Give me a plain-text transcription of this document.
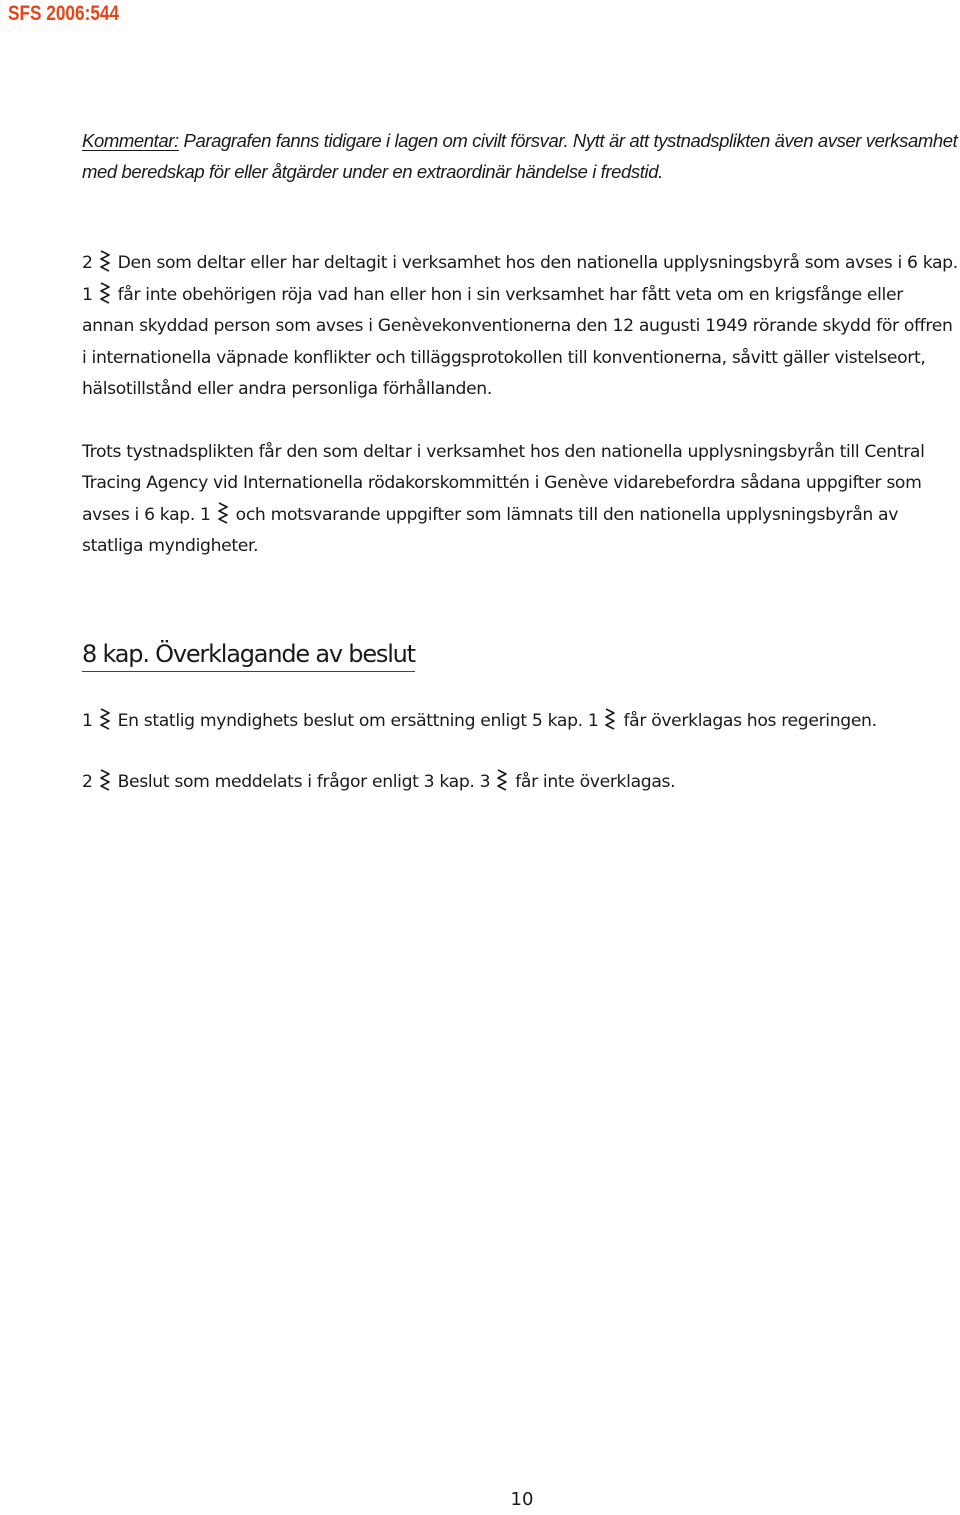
SFS 2006:544

Kommentar: Paragrafen fanns tidigare i lagen om civilt försvar. Nytt är att tystnadsplikten även avser verksamhet med beredskap för eller åtgärder under en extraordinär händelse i fredstid.

2 Den som deltar eller har deltagit i verksamhet hos den nationella upplysningsbyrå som avses i 6 kap. 1 får inte obehörigen röja vad han eller hon i sin verksamhet har fått veta om en krigsfånge eller annan skyddad person som avses i Genèvekonventionerna den 12 augusti 1949 rörande skydd för offren i internationella väpnade konflikter och tilläggsprotokollen till konventionerna, såvitt gäller vistelseort, hälsotillstånd eller andra personliga förhållanden.

Trots tystnadsplikten får den som deltar i verksamhet hos den nationella upplysningsbyrån till Central Tracing Agency vid Internationella rödakorskommittén i Genève vidarebefordra sådana uppgifter som avses i 6 kap. 1 och motsvarande uppgifter som lämnats till den nationella upplysningsbyrån av statliga myndigheter.

8 kap. Överklagande av beslut

1 En statlig myndighets beslut om ersättning enligt 5 kap. 1 får överklagas hos regeringen.

2 Beslut som meddelats i frågor enligt 3 kap. 3 får inte överklagas.

10
